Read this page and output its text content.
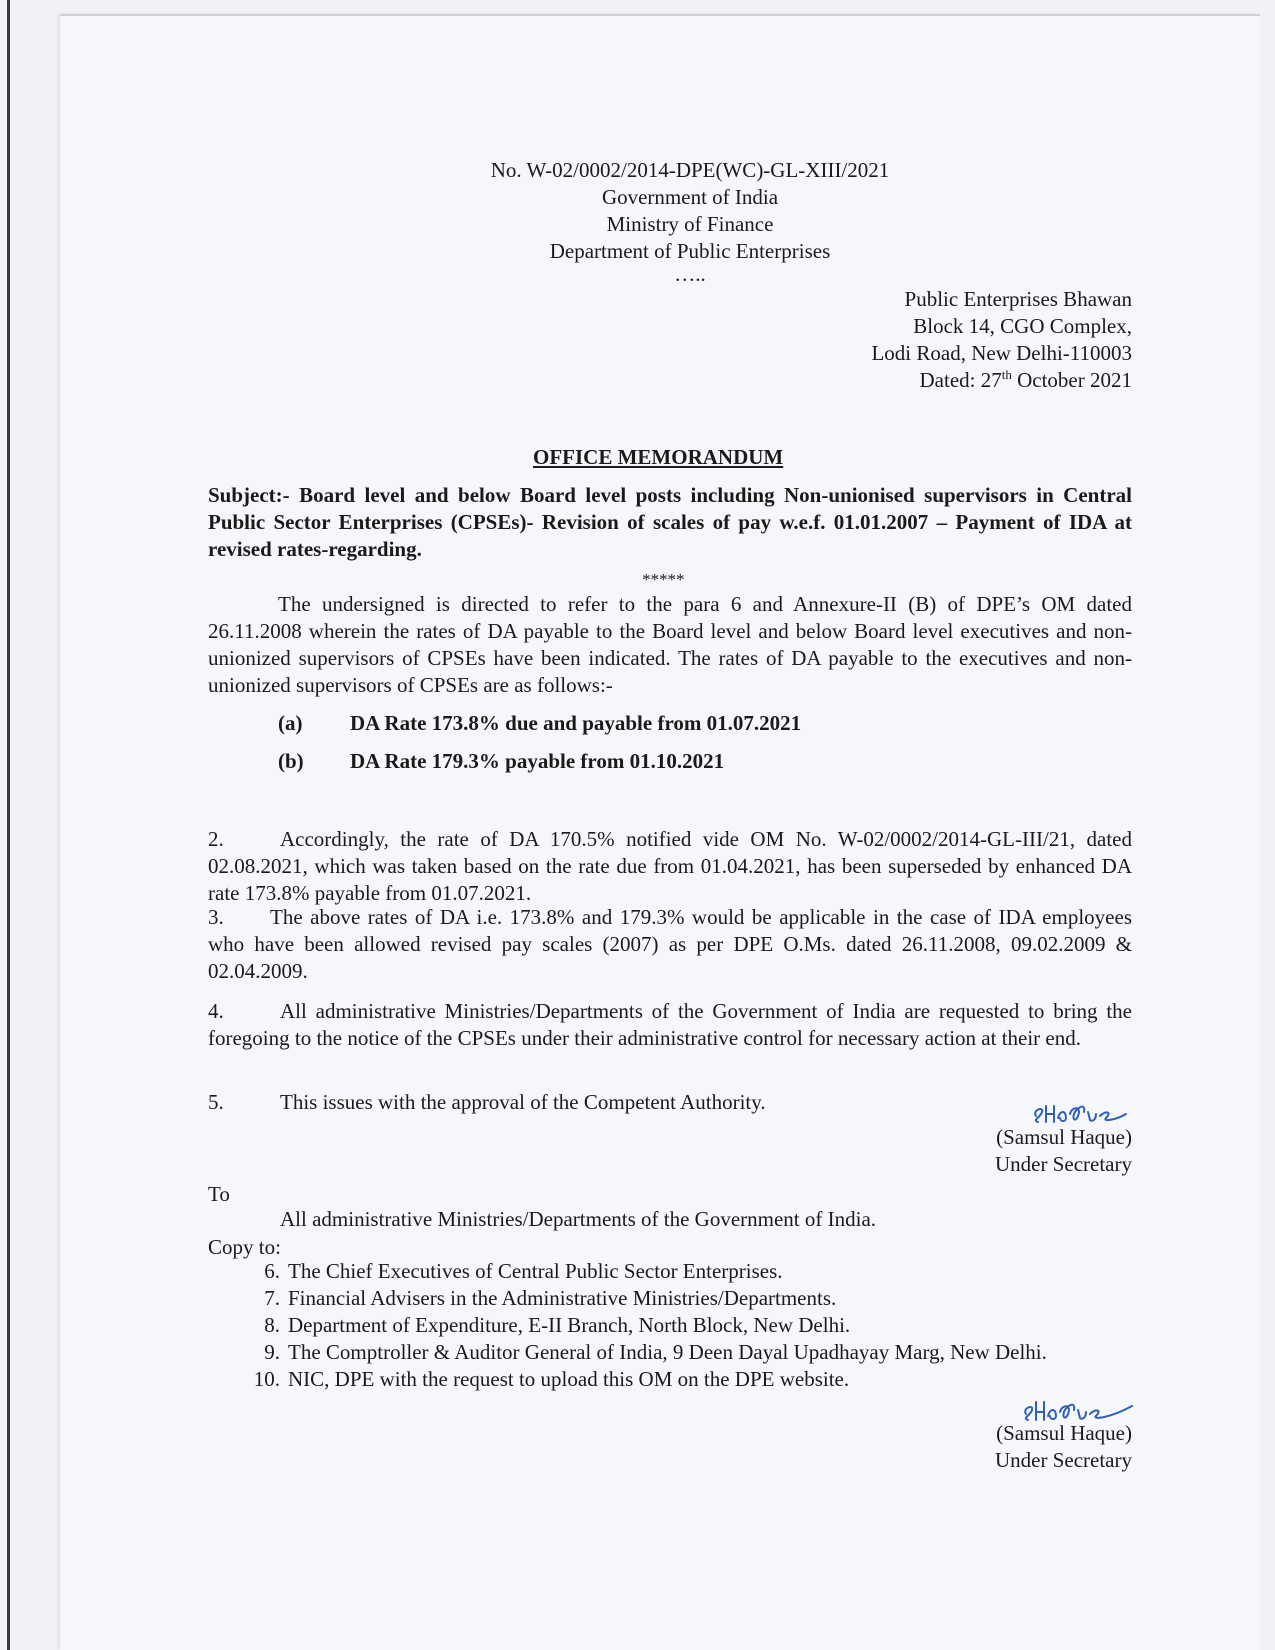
No. W-02/0002/2014-DPE(WC)-GL-XIII/2021
Government of India
Ministry of Finance
Department of Public Enterprises
…..
Public Enterprises Bhawan
Block 14, CGO Complex,
Lodi Road, New Delhi-110003
Dated: 27th October 2021
OFFICE MEMORANDUM
Subject:- Board level and below Board level posts including Non-unionised supervisors in Central Public Sector Enterprises (CPSEs)- Revision of scales of pay w.e.f. 01.01.2007 – Payment of IDA at revised rates-regarding.
*****
The undersigned is directed to refer to the para 6 and Annexure-II (B) of DPE’s OM dated 26.11.2008 wherein the rates of DA payable to the Board level and below Board level executives and non-unionized supervisors of CPSEs have been indicated. The rates of DA payable to the executives and non-unionized supervisors of CPSEs are as follows:-
(a) DA Rate 173.8% due and payable from 01.07.2021
(b) DA Rate 179.3% payable from 01.10.2021
2.	Accordingly, the rate of DA 170.5% notified vide OM No. W-02/0002/2014-GL-III/21, dated 02.08.2021, which was taken based on the rate due from 01.04.2021, has been superseded by enhanced DA rate 173.8% payable from 01.07.2021.
3. The above rates of DA i.e. 173.8% and 179.3% would be applicable in the case of IDA employees who have been allowed revised pay scales (2007) as per DPE O.Ms. dated 26.11.2008, 09.02.2009 & 02.04.2009.
4.	All administrative Ministries/Departments of the Government of India are requested to bring the foregoing to the notice of the CPSEs under their administrative control for necessary action at their end.
5.	This issues with the approval of the Competent Authority.
(Samsul Haque)
Under Secretary
To
All administrative Ministries/Departments of the Government of India.
Copy to:
6. The Chief Executives of Central Public Sector Enterprises.
7. Financial Advisers in the Administrative Ministries/Departments.
8. Department of Expenditure, E-II Branch, North Block, New Delhi.
9. The Comptroller & Auditor General of India, 9 Deen Dayal Upadhayay Marg, New Delhi.
10. NIC, DPE with the request to upload this OM on the DPE website.
(Samsul Haque)
Under Secretary
